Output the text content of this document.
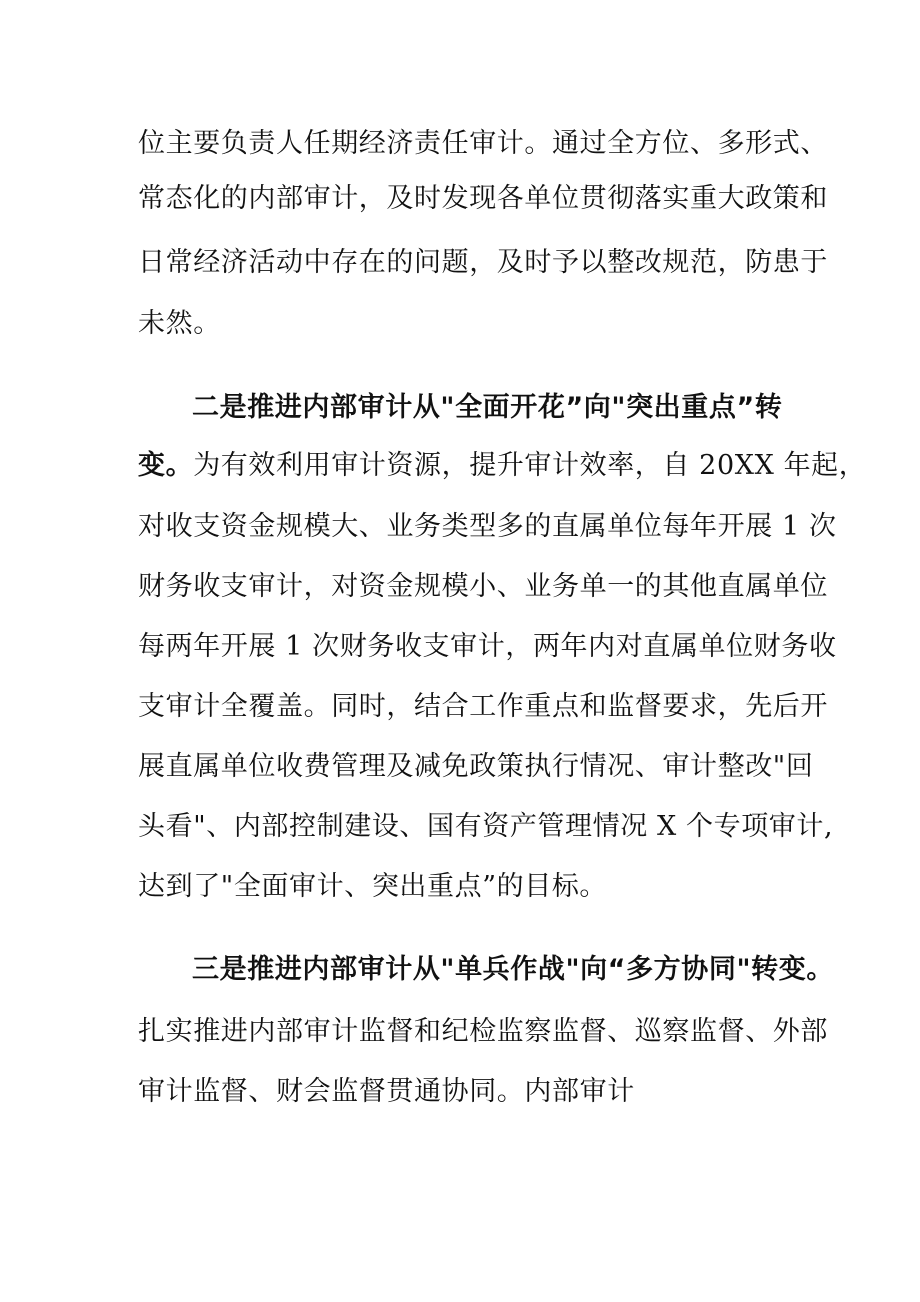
位主要负责人任期经济责任审计。通过全方位、多形式、
常态化的内部审计，及时发现各单位贯彻落实重大政策和
日常经济活动中存在的问题，及时予以整改规范，防患于
未然。
二是推进内部审计从"全面开花”向"突出重点”转
变。为有效利用审计资源，提升审计效率，自 20XX 年起，
对收支资金规模大、业务类型多的直属单位每年开展 1 次
财务收支审计，对资金规模小、业务单一的其他直属单位
每两年开展 1 次财务收支审计，两年内对直属单位财务收
支审计全覆盖。同时，结合工作重点和监督要求，先后开
展直属单位收费管理及减免政策执行情况、审计整改"回
头看"、内部控制建设、国有资产管理情况 X 个专项审计,
达到了"全面审计、突出重点”的目标。
三是推进内部审计从"单兵作战"向“多方协同"转变。
扎实推进内部审计监督和纪检监察监督、巡察监督、外部
审计监督、财会监督贯通协同。内部审计
